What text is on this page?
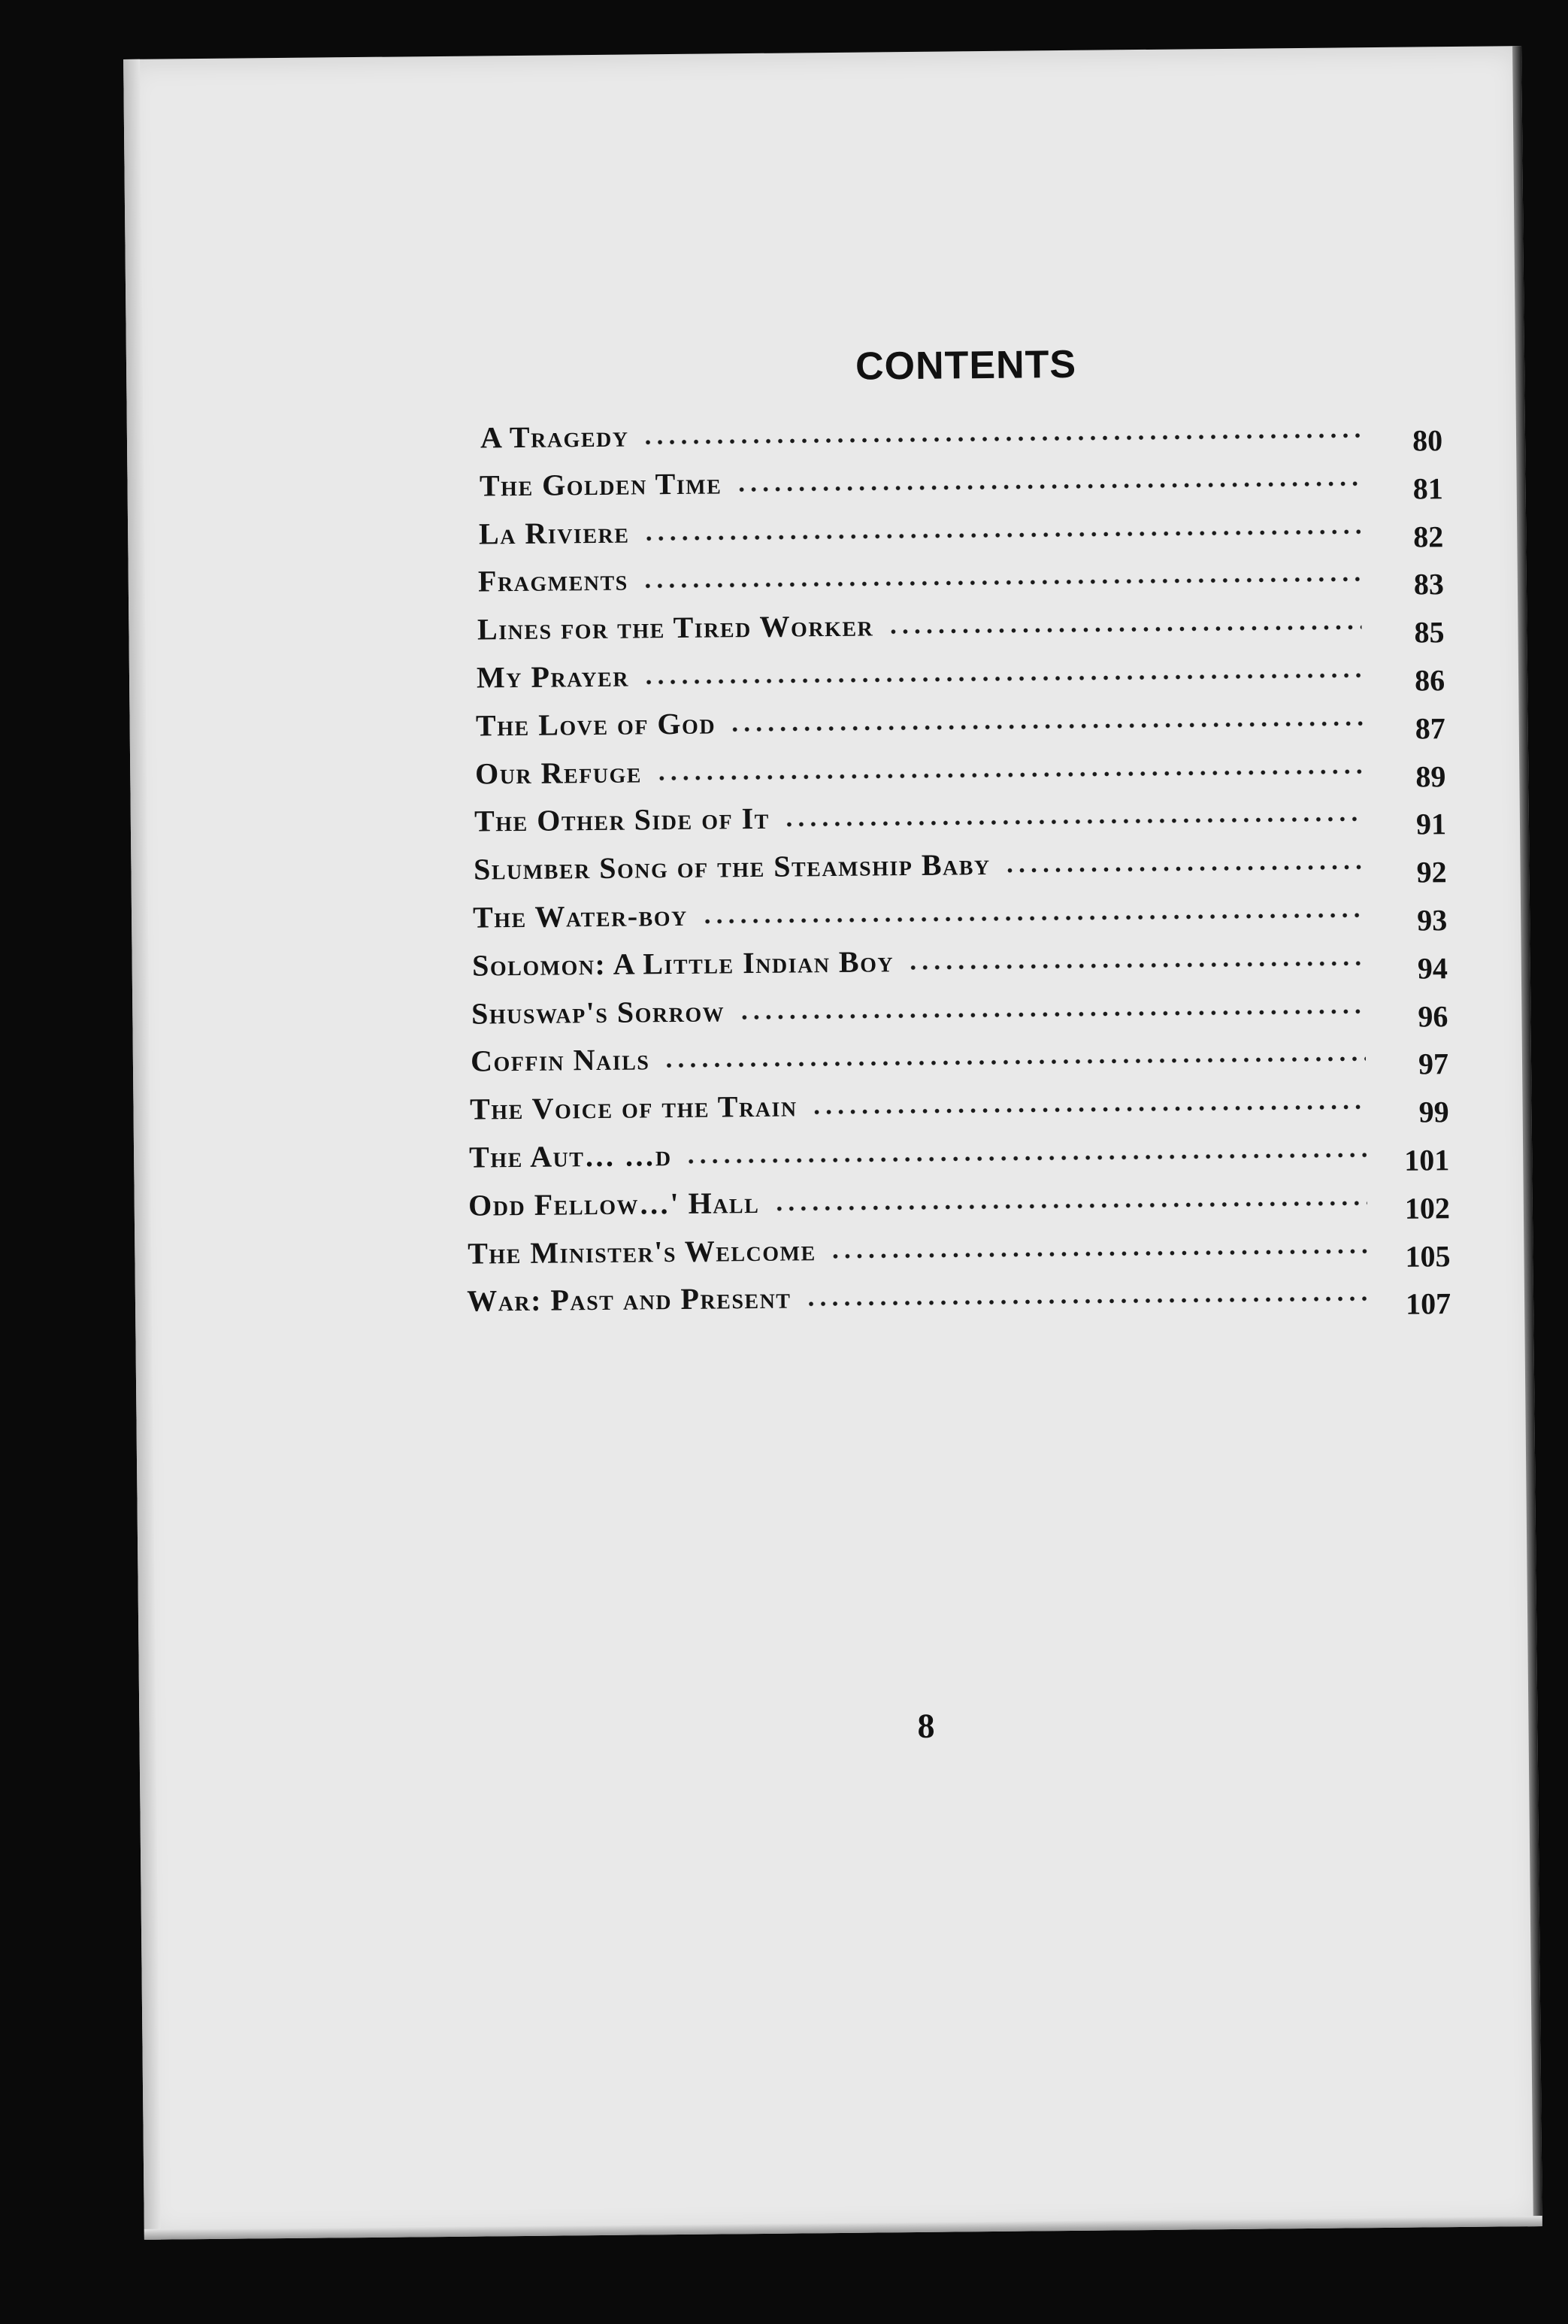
CONTENTS
A Tragedy	80
The Golden Time	81
La Riviere	82
Fragments	83
Lines for the Tired Worker	85
My Prayer	86
The Love of God	87
Our Refuge	89
The Other Side of It	91
Slumber Song of the Steamship Baby	92
The Water-boy	93
Solomon: A Little Indian Boy	94
Shuswap's Sorrow	96
Coffin Nails	97
The Voice of the Train	99
The Aut… …d	101
Odd Fellow…' Hall	102
The Minister's Welcome	105
War: Past and Present	107
8
